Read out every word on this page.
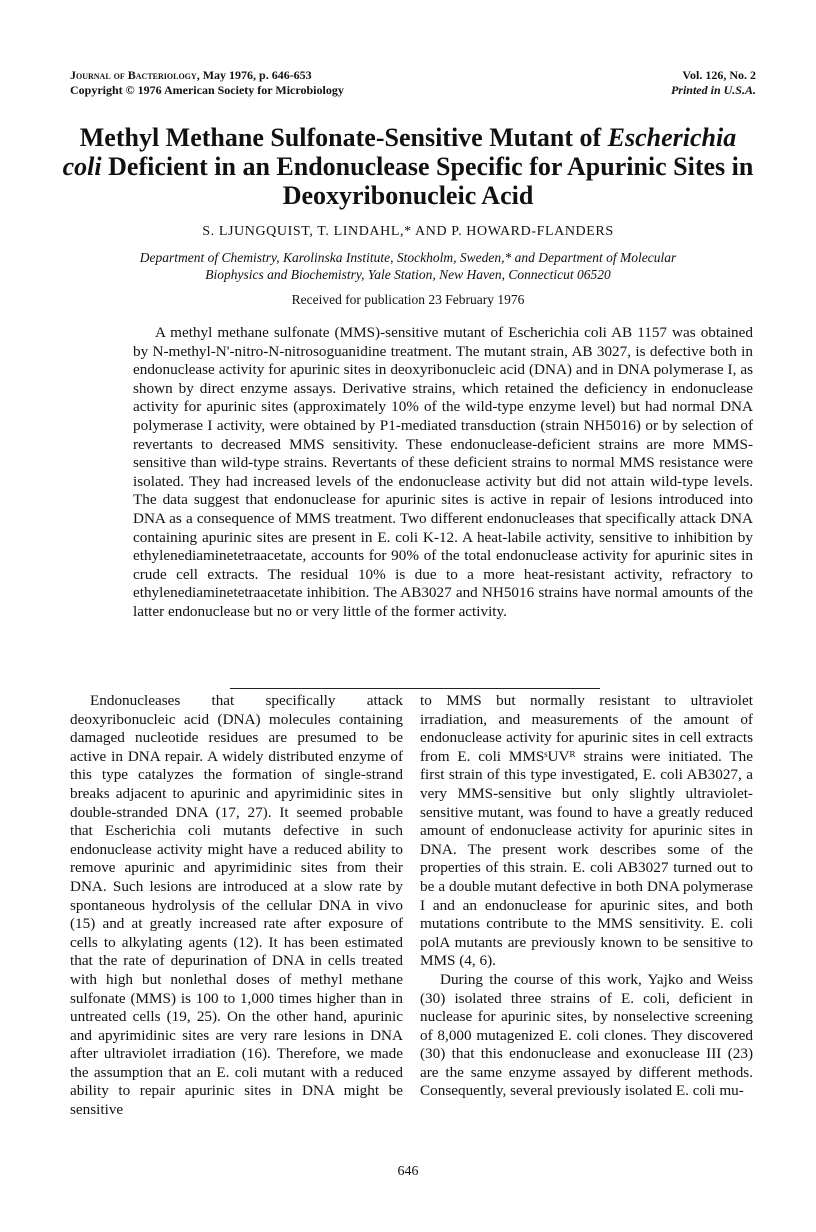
Journal of Bacteriology, May 1976, p. 646-653
Copyright © 1976 American Society for Microbiology
Vol. 126, No. 2
Printed in U.S.A.
Methyl Methane Sulfonate-Sensitive Mutant of Escherichia
coli Deficient in an Endonuclease Specific for Apurinic Sites in Deoxyribonucleic Acid
S. LJUNGQUIST, T. LINDAHL,* AND P. HOWARD-FLANDERS
Department of Chemistry, Karolinska Institute, Stockholm, Sweden,* and Department of Molecular
Biophysics and Biochemistry, Yale Station, New Haven, Connecticut 06520
Received for publication 23 February 1976

A methyl methane sulfonate (MMS)-sensitive mutant of Escherichia coli AB 1157 was obtained by N-methyl-N'-nitro-N-nitrosoguanidine treatment. The mutant strain, AB 3027, is defective both in endonuclease activity for apurinic sites in deoxyribonucleic acid (DNA) and in DNA polymerase I, as shown by direct enzyme assays. Derivative strains, which retained the deficiency in endonuclease activity for apurinic sites (approximately 10% of the wild-type enzyme level) but had normal DNA polymerase I activity, were obtained by P1-mediated transduction (strain NH5016) or by selection of revertants to decreased MMS sensitivity. These endonuclease-deficient strains are more MMS-sensitive than wild-type strains. Revertants of these deficient strains to normal MMS resistance were isolated. They had increased levels of the endonuclease activity but did not attain wild-type levels. The data suggest that endonuclease for apurinic sites is active in repair of lesions introduced into DNA as a consequence of MMS treatment. Two different endonucleases that specifically attack DNA containing apurinic sites are present in E. coli K-12. A heat-labile activity, sensitive to inhibition by ethylenediaminetetraacetate, accounts for 90% of the total endonuclease activity for apurinic sites in crude cell extracts. The residual 10% is due to a more heat-resistant activity, refractory to ethylenediaminetetraacetate inhibition. The AB3027 and NH5016 strains have normal amounts of the latter endonuclease but no or very little of the former activity.

Endonucleases that specifically attack deoxyribonucleic acid (DNA) molecules containing damaged nucleotide residues are presumed to be active in DNA repair. A widely distributed enzyme of this type catalyzes the formation of single-strand breaks adjacent to apurinic and apyrimidinic sites in double-stranded DNA (17, 27). It seemed probable that Escherichia coli mutants defective in such endonuclease activity might have a reduced ability to remove apurinic and apyrimidinic sites from their DNA. Such lesions are introduced at a slow rate by spontaneous hydrolysis of the cellular DNA in vivo (15) and at greatly increased rate after exposure of cells to alkylating agents (12). It has been estimated that the rate of depurination of DNA in cells treated with high but nonlethal doses of methyl methane sulfonate (MMS) is 100 to 1,000 times higher than in untreated cells (19, 25). On the other hand, apurinic and apyrimidinic sites are very rare lesions in DNA after ultraviolet irradiation (16). Therefore, we made the assumption that an E. coli mutant with a reduced ability to repair apurinic sites in DNA might be sensitive

to MMS but normally resistant to ultraviolet irradiation, and measurements of the amount of endonuclease activity for apurinic sites in cell extracts from E. coli MMSˢUVᴿ strains were initiated. The first strain of this type investigated, E. coli AB3027, a very MMS-sensitive but only slightly ultraviolet-sensitive mutant, was found to have a greatly reduced amount of endonuclease activity for apurinic sites in DNA. The present work describes some of the properties of this strain. E. coli AB3027 turned out to be a double mutant defective in both DNA polymerase I and an endonuclease for apurinic sites, and both mutations contribute to the MMS sensitivity. E. coli polA mutants are previously known to be sensitive to MMS (4, 6).

During the course of this work, Yajko and Weiss (30) isolated three strains of E. coli, deficient in nuclease for apurinic sites, by nonselective screening of 8,000 mutagenized E. coli clones. They discovered (30) that this endonuclease and exonuclease III (23) are the same enzyme assayed by different methods. Consequently, several previously isolated E. coli mu-

646
